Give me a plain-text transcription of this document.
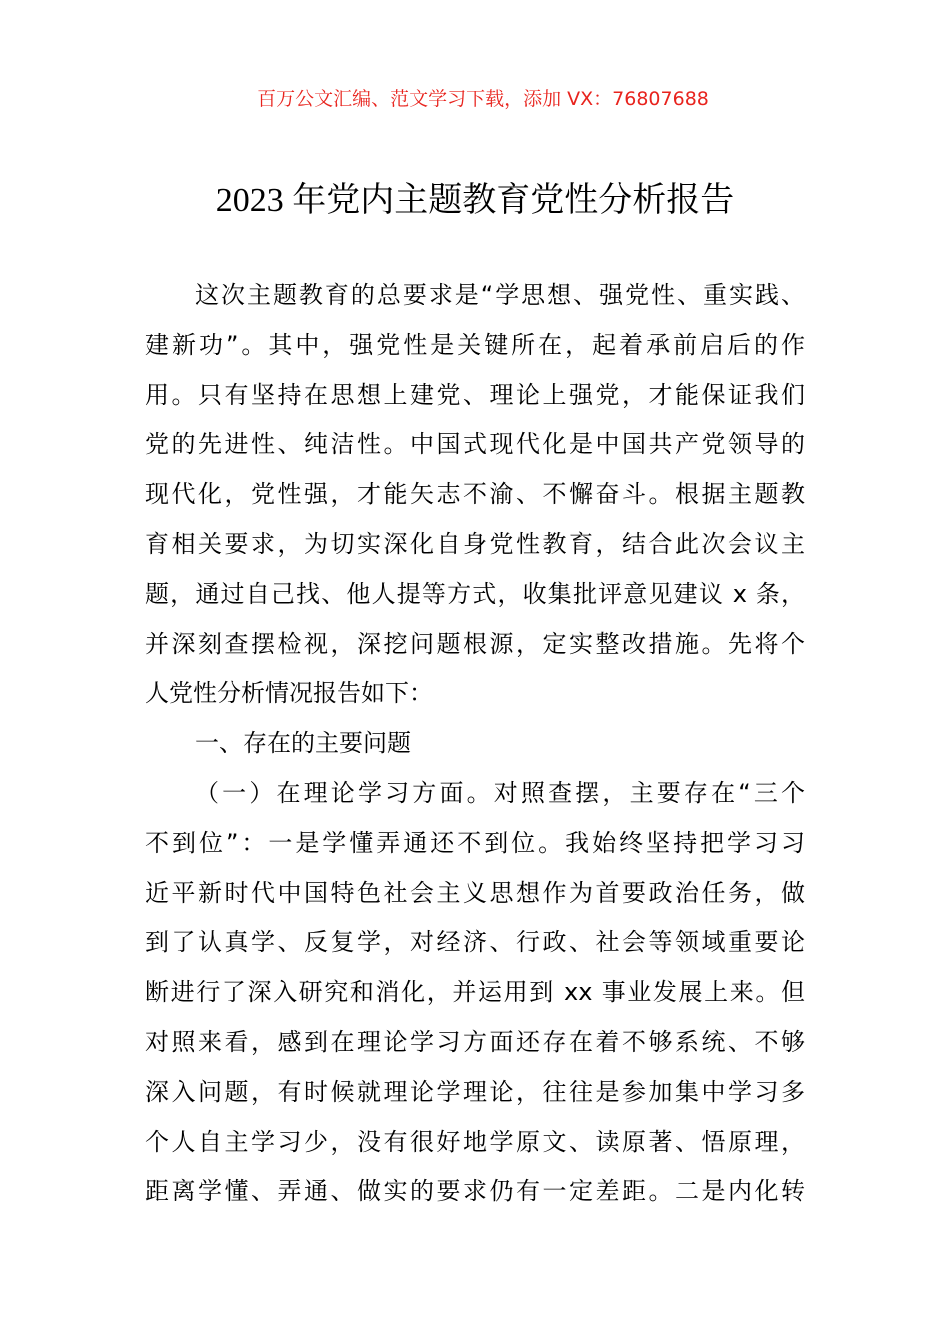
百万公文汇编、范文学习下载，添加 VX：76807688
2023 年党内主题教育党性分析报告
这次主题教育的总要求是“学思想、强党性、重实践、
建新功”。其中，强党性是关键所在，起着承前启后的作
用。只有坚持在思想上建党、理论上强党，才能保证我们
党的先进性、纯洁性。中国式现代化是中国共产党领导的
现代化，党性强，才能矢志不渝、不懈奋斗。根据主题教
育相关要求，为切实深化自身党性教育，结合此次会议主
题，通过自己找、他人提等方式，收集批评意见建议 x 条，
并深刻查摆检视，深挖问题根源，定实整改措施。先将个
人党性分析情况报告如下：
一、存在的主要问题
（一）在理论学习方面。对照查摆，主要存在“三个
不到位”：一是学懂弄通还不到位。我始终坚持把学习习
近平新时代中国特色社会主义思想作为首要政治任务，做
到了认真学、反复学，对经济、行政、社会等领域重要论
断进行了深入研究和消化，并运用到 xx 事业发展上来。但
对照来看，感到在理论学习方面还存在着不够系统、不够
深入问题，有时候就理论学理论，往往是参加集中学习多
个人自主学习少，没有很好地学原文、读原著、悟原理，
距离学懂、弄通、做实的要求仍有一定差距。二是内化转
